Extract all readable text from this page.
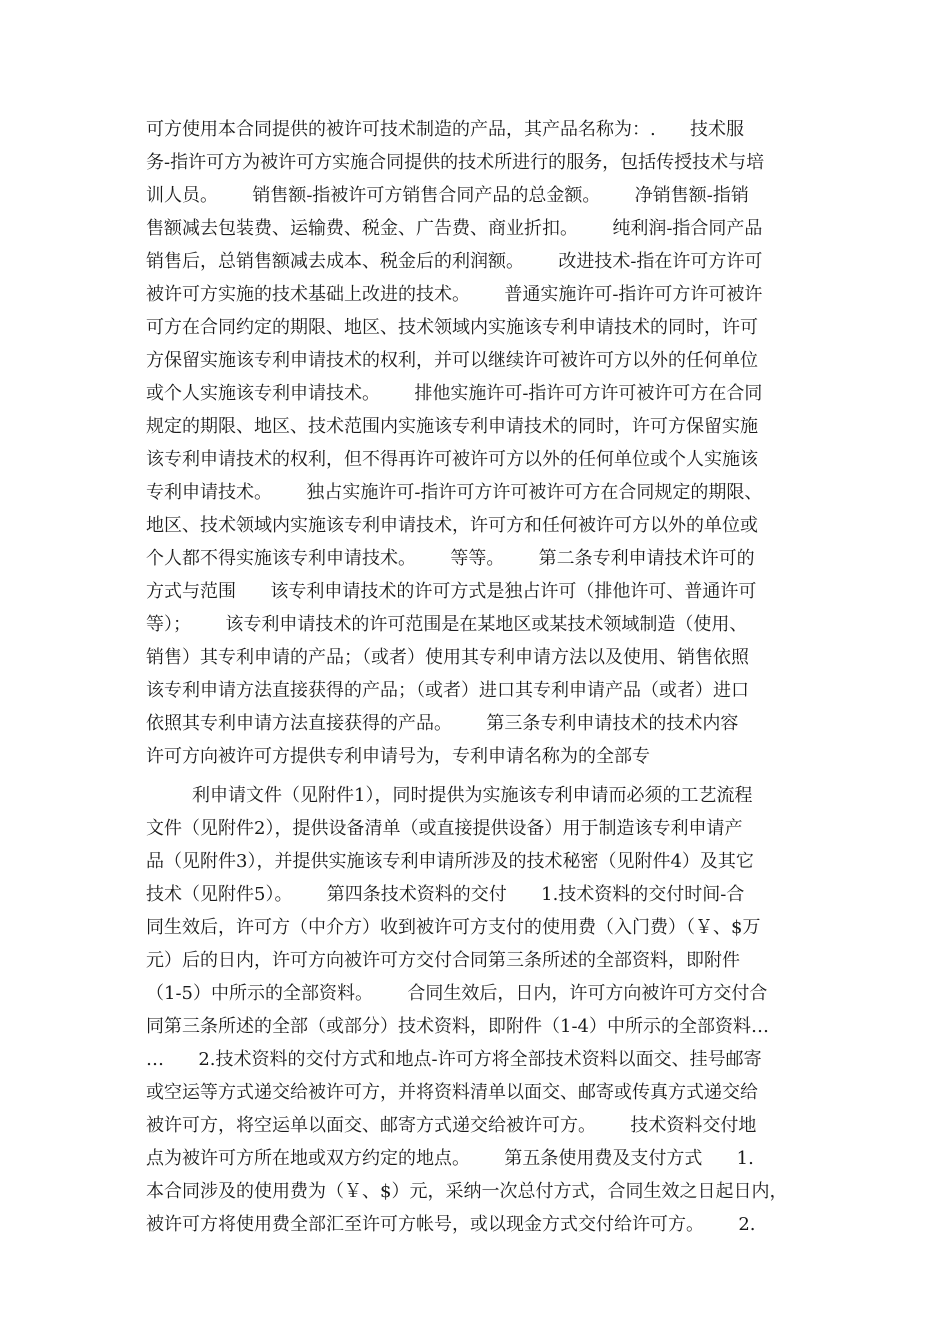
可方使用本合同提供的被许可技术制造的产品，其产品名称为：.      技术服
务-指许可方为被许可方实施合同提供的技术所进行的服务，包括传授技术与培
训人员。      销售额-指被许可方销售合同产品的总金额。      净销售额-指销
售额减去包装费、运输费、税金、广告费、商业折扣。      纯利润-指合同产品
销售后，总销售额减去成本、税金后的利润额。      改进技术-指在许可方许可
被许可方实施的技术基础上改进的技术。      普通实施许可-指许可方许可被许
可方在合同约定的期限、地区、技术领域内实施该专利申请技术的同时，许可
方保留实施该专利申请技术的权利，并可以继续许可被许可方以外的任何单位
或个人实施该专利申请技术。      排他实施许可-指许可方许可被许可方在合同
规定的期限、地区、技术范围内实施该专利申请技术的同时，许可方保留实施
该专利申请技术的权利，但不得再许可被许可方以外的任何单位或个人实施该
专利申请技术。      独占实施许可-指许可方许可被许可方在合同规定的期限、
地区、技术领域内实施该专利申请技术，许可方和任何被许可方以外的单位或
个人都不得实施该专利申请技术。      等等。      第二条专利申请技术许可的
方式与范围      该专利申请技术的许可方式是独占许可（排他许可、普通许可
等）；      该专利申请技术的许可范围是在某地区或某技术领域制造（使用、
销售）其专利申请的产品；（或者）使用其专利申请方法以及使用、销售依照
该专利申请方法直接获得的产品；（或者）进口其专利申请产品（或者）进口
依照其专利申请方法直接获得的产品。      第三条专利申请技术的技术内容
许可方向被许可方提供专利申请号为，专利申请名称为的全部专
利申请文件（见附件1），同时提供为实施该专利申请而必须的工艺流程
文件（见附件2），提供设备清单（或直接提供设备）用于制造该专利申请产
品（见附件3），并提供实施该专利申请所涉及的技术秘密（见附件4）及其它
技术（见附件5）。      第四条技术资料的交付      1.技术资料的交付时间-合
同生效后，许可方（中介方）收到被许可方支付的使用费（入门费）（￥、$万
元）后的日内，许可方向被许可方交付合同第三条所述的全部资料，即附件
（1-5）中所示的全部资料。      合同生效后，日内，许可方向被许可方交付合
同第三条所述的全部（或部分）技术资料，即附件（1-4）中所示的全部资料…
…      2.技术资料的交付方式和地点-许可方将全部技术资料以面交、挂号邮寄
或空运等方式递交给被许可方，并将资料清单以面交、邮寄或传真方式递交给
被许可方，将空运单以面交、邮寄方式递交给被许可方。      技术资料交付地
点为被许可方所在地或双方约定的地点。      第五条使用费及支付方式      1.
本合同涉及的使用费为（￥、$）元，采纳一次总付方式，合同生效之日起日内，
被许可方将使用费全部汇至许可方帐号，或以现金方式交付给许可方。      2.
